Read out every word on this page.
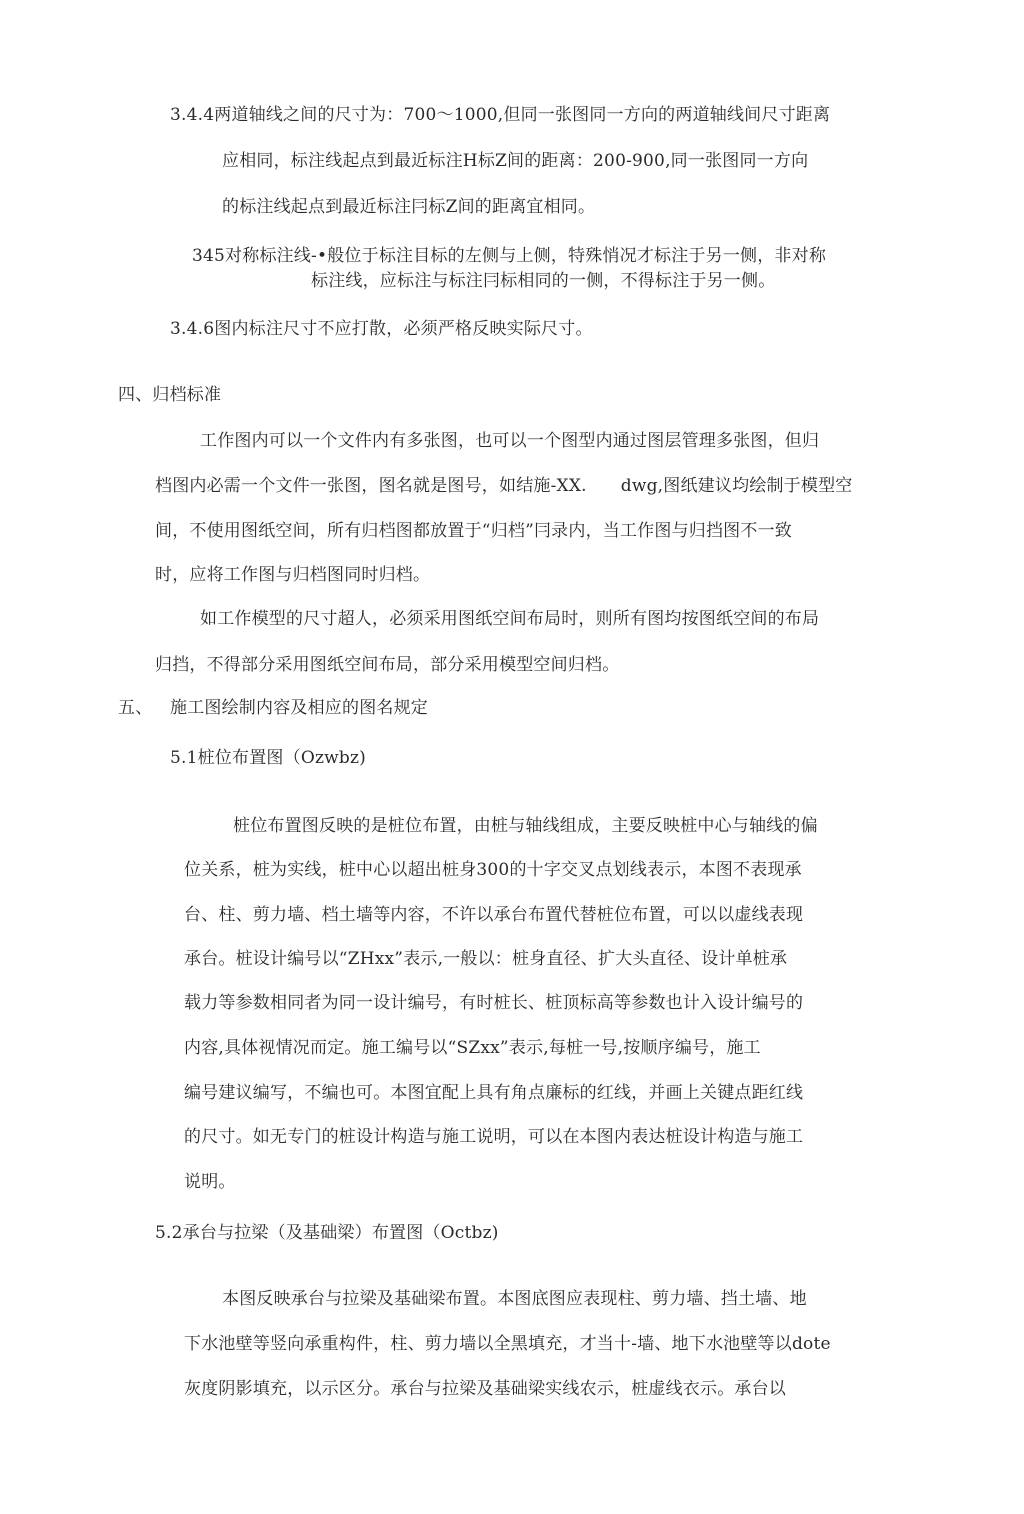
3.4.4两道轴线之间的尺寸为：700～1000,但同一张图同一方向的两道轴线间尺寸距离
应相同，标注线起点到最近标注H标Z间的距离：200-900,同一张图同一方向
的标注线起点到最近标注冃标Z间的距离宜相同。
345对称标注线-•般位于标注目标的左侧与上侧，特殊悄况才标注于另一侧，非对称
标注线，应标注与标注冃标相同的一侧，不得标注于另一侧。
3.4.6图内标注尺寸不应打散，必须严格反映实际尺寸。
四、归档标准
工作图内可以一个文件内有多张图，也可以一个图型内通过图层管理多张图，但归
档图内必需一个文件一张图，图名就是图号，如结施-XX. dwg,图纸建议均绘制于模型空
间，不使用图纸空间，所有归档图都放置于“归档”冃录内，当工作图与归挡图不一致
时，应将工作图与归档图同时归档。
如工作模型的尺寸超人，必须采用图纸空间布局时，则所有图均按图纸空间的布局
归挡，不得部分采用图纸空间布局，部分采用模型空间归档。
五、 施工图绘制内容及相应的图名规定
5.1桩位布置图（Ozwbz)
桩位布置图反映的是桩位布置，由桩与轴线组成，主要反映桩中心与轴线的偏
位关系，桩为实线，桩中心以超出桩身300的十字交叉点划线表示，本图不表现承
台、柱、剪力墙、档土墙等内容，不许以承台布置代替桩位布置，可以以虚线表现
承台。桩设计编号以“ZHxx”表示,一般以：桩身直径、扩大头直径、设计单桩承
载力等参数相同者为同一设计编号，有时桩长、桩顶标高等参数也计入设计编号的
内容,具体视情况而定。施工编号以“SZxx”表示,每桩一号,按顺序编号，施工
编号建议编写，不编也可。本图宜配上具有角点廉标的红线，并画上关键点距红线
的尺寸。如无专门的桩设计构造与施工说明，可以在本图内表达桩设计构造与施工
说明。
5.2承台与拉梁（及基础梁）布置图（Octbz)
本图反映承台与拉梁及基础梁布置。本图底图应表现柱、剪力墙、挡土墙、地
下水池壁等竖向承重构件，柱、剪力墙以全黑填充，才当十-墙、地下水池壁等以dote
灰度阴影填充，以示区分。承台与拉梁及基础梁实线农示，桩虚线衣示。承台以
